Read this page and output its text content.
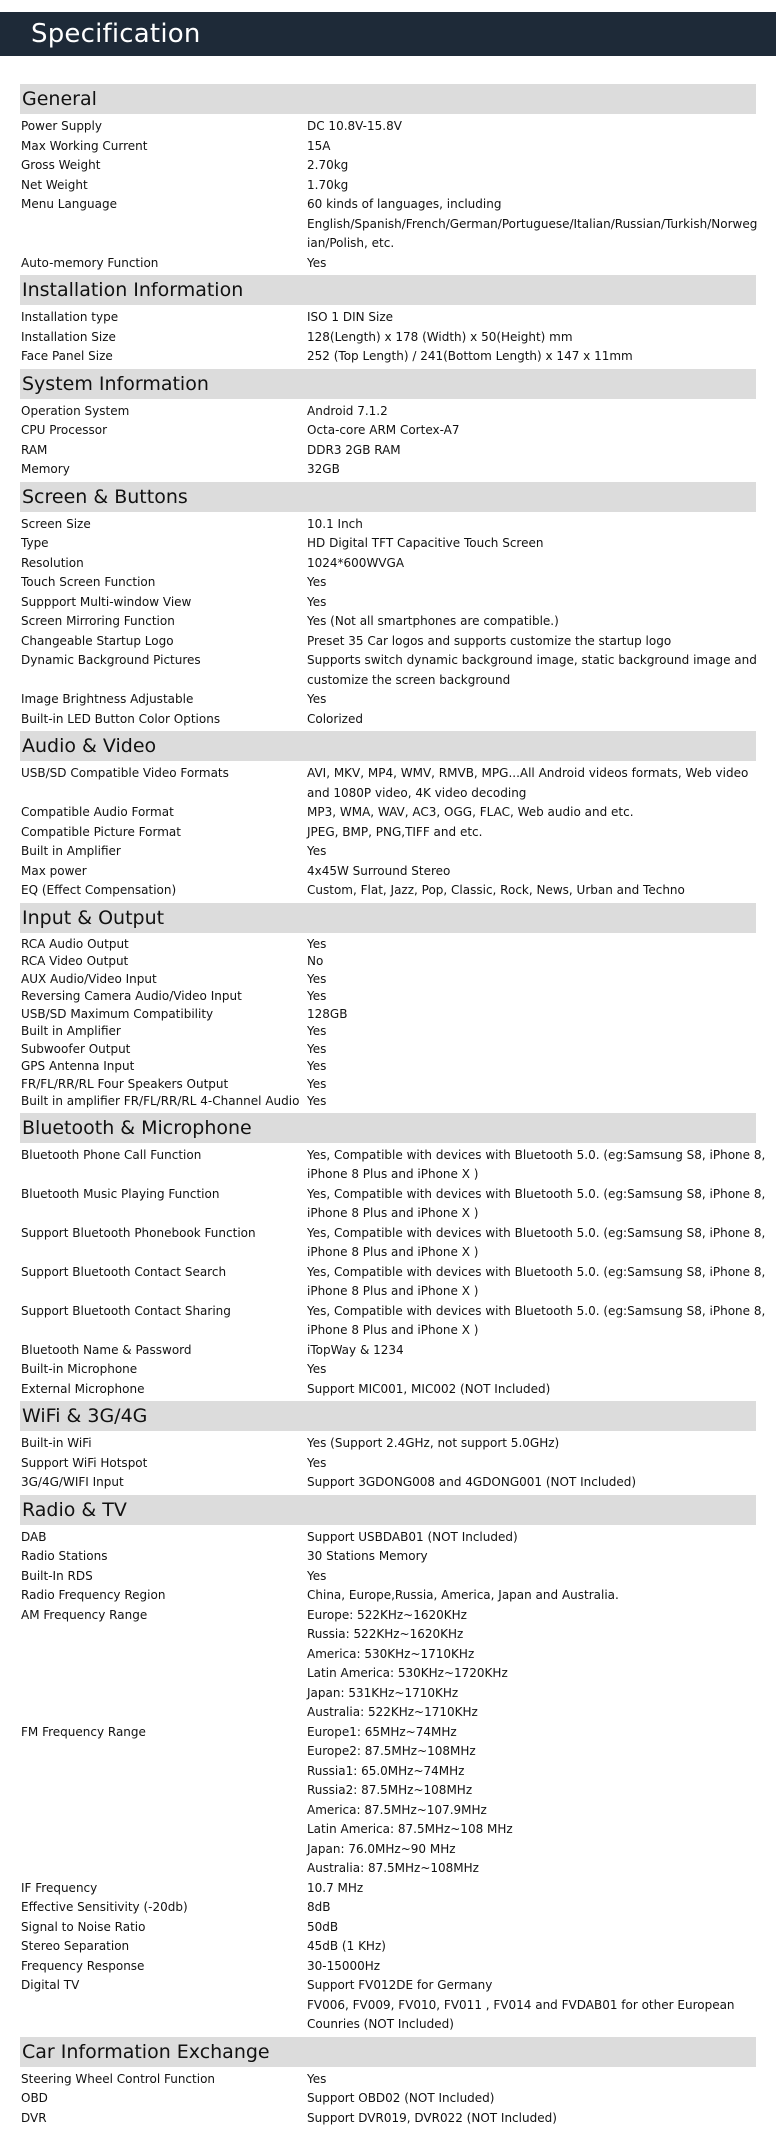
Specification
General
Power Supply	DC 10.8V-15.8V
Max Working Current	15A
Gross Weight	2.70kg
Net Weight	1.70kg
Menu Language	60 kinds of languages, including
English/Spanish/French/German/Portuguese/Italian/Russian/Turkish/Norweg
ian/Polish, etc.
Auto-memory Function	Yes
Installation Information
Installation type	ISO 1 DIN Size
Installation Size	128(Length) x 178 (Width) x 50(Height) mm
Face Panel Size	252 (Top Length) / 241(Bottom Length) x 147 x 11mm
System Information
Operation System	Android 7.1.2
CPU Processor	Octa-core ARM Cortex-A7
RAM	DDR3 2GB RAM
Memory	32GB
Screen & Buttons
Screen Size	10.1 Inch
Type	HD Digital TFT Capacitive Touch Screen
Resolution	1024*600WVGA
Touch Screen Function	Yes
Suppport Multi-window View	Yes
Screen Mirroring Function	Yes (Not all smartphones are compatible.)
Changeable Startup Logo	Preset 35 Car logos and supports customize the startup logo
Dynamic Background Pictures	Supports switch dynamic background image, static background image and
customize the screen background
Image Brightness Adjustable	Yes
Built-in LED Button Color Options	Colorized
Audio & Video
USB/SD Compatible Video Formats	AVI, MKV, MP4, WMV, RMVB, MPG...All Android videos formats, Web video
and 1080P video, 4K video decoding
Compatible Audio Format	MP3, WMA, WAV, AC3, OGG, FLAC, Web audio and etc.
Compatible Picture Format	JPEG, BMP, PNG,TIFF and etc.
Built in Amplifier	Yes
Max power	4x45W Surround Stereo
EQ (Effect Compensation)	Custom, Flat, Jazz, Pop, Classic, Rock, News, Urban and Techno
Input & Output
RCA Audio Output	Yes
RCA Video Output	No
AUX Audio/Video Input	Yes
Reversing Camera Audio/Video Input	Yes
USB/SD Maximum Compatibility	128GB
Built in Amplifier	Yes
Subwoofer Output	Yes
GPS Antenna Input	Yes
FR/FL/RR/RL Four Speakers Output	Yes
Built in amplifier FR/FL/RR/RL 4-Channel Audio Yes
Bluetooth & Microphone
Bluetooth Phone Call Function	Yes, Compatible with devices with Bluetooth 5.0. (eg:Samsung S8, iPhone 8,
iPhone 8 Plus and iPhone X )
Bluetooth Music Playing Function	Yes, Compatible with devices with Bluetooth 5.0. (eg:Samsung S8, iPhone 8,
iPhone 8 Plus and iPhone X )
Support Bluetooth Phonebook Function	Yes, Compatible with devices with Bluetooth 5.0. (eg:Samsung S8, iPhone 8,
iPhone 8 Plus and iPhone X )
Support Bluetooth Contact Search	Yes, Compatible with devices with Bluetooth 5.0. (eg:Samsung S8, iPhone 8,
iPhone 8 Plus and iPhone X )
Support Bluetooth Contact Sharing	Yes, Compatible with devices with Bluetooth 5.0. (eg:Samsung S8, iPhone 8,
iPhone 8 Plus and iPhone X )
Bluetooth Name & Password	iTopWay & 1234
Built-in Microphone	Yes
External Microphone	Support MIC001, MIC002 (NOT Included)
WiFi & 3G/4G
Built-in WiFi	Yes (Support 2.4GHz, not support 5.0GHz)
Support WiFi Hotspot	Yes
3G/4G/WIFI Input	Support 3GDONG008 and 4GDONG001 (NOT Included)
Radio & TV
DAB	Support USBDAB01 (NOT Included)
Radio Stations	30 Stations Memory
Built-In RDS	Yes
Radio Frequency Region	China, Europe,Russia, America, Japan and Australia.
AM Frequency Range	Europe: 522KHz~1620KHz
Russia: 522KHz~1620KHz
America: 530KHz~1710KHz
Latin America: 530KHz~1720KHz
Japan: 531KHz~1710KHz
Australia: 522KHz~1710KHz
FM Frequency Range	Europe1: 65MHz~74MHz
Europe2: 87.5MHz~108MHz
Russia1: 65.0MHz~74MHz
Russia2: 87.5MHz~108MHz
America: 87.5MHz~107.9MHz
Latin America: 87.5MHz~108 MHz
Japan: 76.0MHz~90 MHz
Australia: 87.5MHz~108MHz
IF Frequency	10.7 MHz
Effective Sensitivity (-20db)	8dB
Signal to Noise Ratio	50dB
Stereo Separation	45dB (1 KHz)
Frequency Response	30-15000Hz
Digital TV	Support FV012DE for Germany
FV006, FV009, FV010, FV011 , FV014 and FVDAB01 for other European
Counries (NOT Included)
Car Information Exchange
Steering Wheel Control Function	Yes
OBD	Support OBD02 (NOT Included)
DVR	Support DVR019, DVR022 (NOT Included)
